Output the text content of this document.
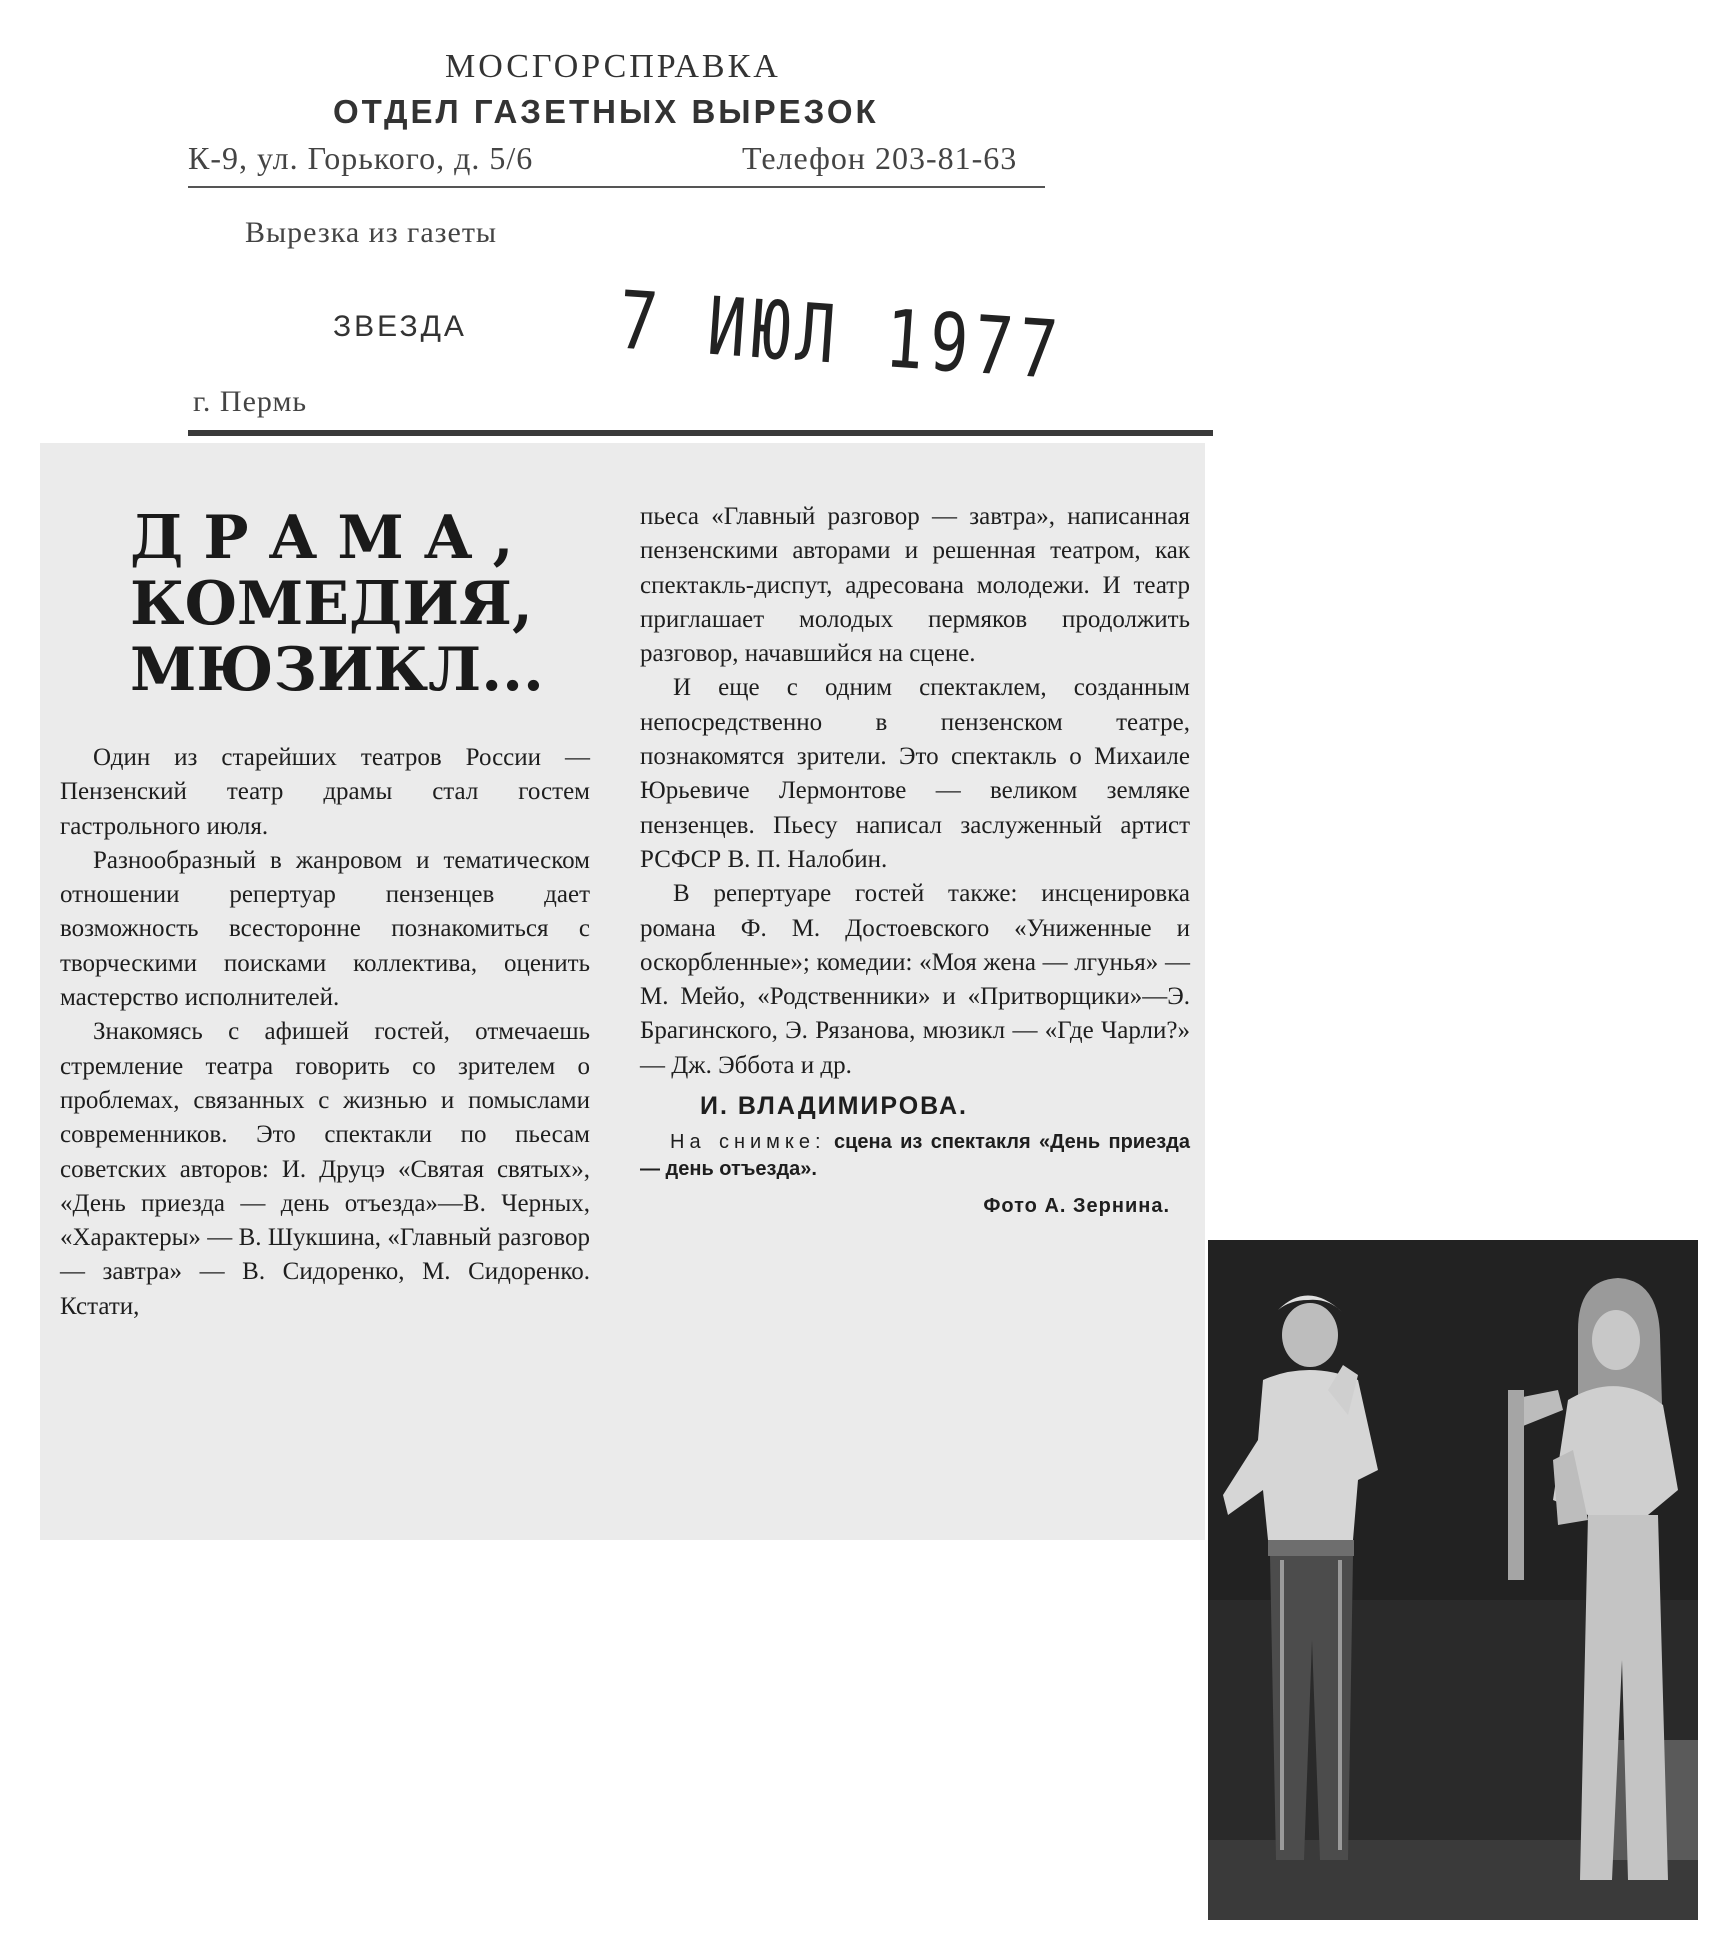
МОСГОРСПРАВКА
ОТДЕЛ ГАЗЕТНЫХ ВЫРЕЗОК
К-9, ул. Горького, д. 5/6	Телефон 203-81-63
Вырезка из газеты
ЗВЕЗДА 7 ИЮЛ 1977
г. Пермь
ДРАМА,
КОМЕДИЯ,
МЮЗИКЛ...

Один из старейших театров России — Пензенский театр драмы стал гостем гастрольного июля.

Разнообразный в жанровом и тематическом отношении репертуар пензенцев дает возможность всесторонне познакомиться с творческими поисками коллектива, оценить мастерство исполнителей.

Знакомясь с афишей гостей, отмечаешь стремление театра говорить со зрителем о проблемах, связанных с жизнью и помыслами современников. Это спектакли по пьесам советских авторов: И. Друцэ «Святая святых», «День приезда — день отъезда»—В. Черных, «Характеры» — В. Шукшина, «Главный разговор — завтра» — В. Сидоренко, М. Сидоренко. Кстати,

пьеса «Главный разговор — завтра», написанная пензенскими авторами и решенная театром, как спектакль-диспут, адресована молодежи. И театр приглашает молодых пермяков продолжить разговор, начавшийся на сцене.

И еще с одним спектаклем, созданным непосредственно в пензенском театре, познакомятся зрители. Это спектакль о Михаиле Юрьевиче Лермонтове — великом земляке пензенцев. Пьесу написал заслуженный артист РСФСР В. П. Налобин.

В репертуаре гостей также: инсценировка романа Ф. М. Достоевского «Униженные и оскорбленные»; комедии: «Моя жена — лгунья» — М. Мейо, «Родственники» и «Притворщики»—Э. Брагинского, Э. Рязанова, мюзикл — «Где Чарли?» — Дж. Эббота и др.

И. ВЛАДИМИРОВА.
На снимке: сцена из спектакля «День приезда — день отъезда».
Фото А. Зернина.
